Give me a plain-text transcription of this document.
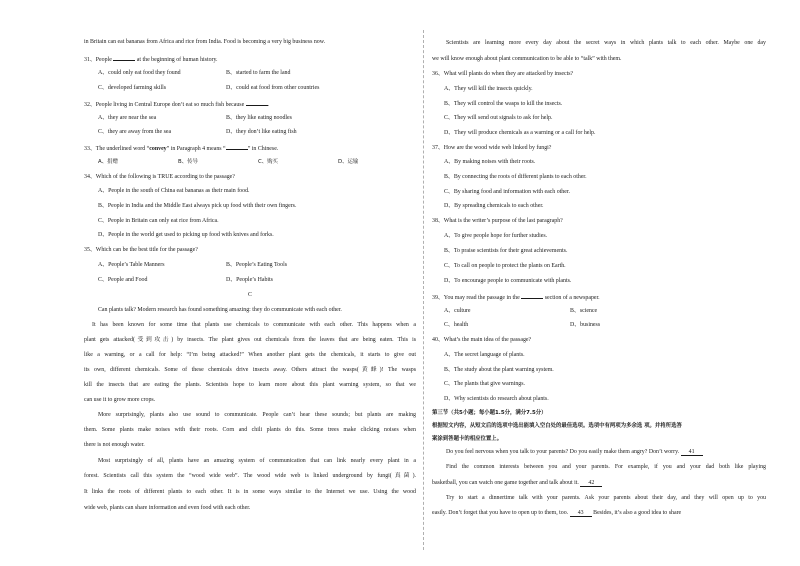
in Britain can eat bananas from Africa and rice from India. Food is becoming a very big business now.
31、People	at the beginning of human history.
A、could only eat food they found	B、started to farm the land
C、developed farming skills	D、could eat food from other countries
32、People living in Central Europe don’t eat so much fish because	.
A、they are near the sea	B、they like eating noodles
C、they are away from the sea	D、they don’t like eating fish
33、The underlined word “convey” in Paragraph 4 means “	” in Chinese.
A、捐赠	B、传导	C、购买	D、运输
34、Which of the following is TRUE according to the passage?
A、People in the south of China eat bananas as their main food.
B、People in India and the Middle East always pick up food with their own fingers.
C、People in Britain can only eat rice from Africa.
D、People in the world get used to picking up food with knives and forks.
35、Which can be the best title for the passage?
A、People’s Table Manners	B、People’s Eating Tools
C、People and Food	D、People’s Habits
C
Can plants talk? Modern research has found something amazing: they do communicate with each other.
It has been known for some time that plants use chemicals to communicate with each other. This happens when a
plant gets attacked(受到攻击) by insects. The plant gives out chemicals from the leaves that are being eaten. This is
like a warning, or a call for help: “I’m being attacked!” When another plant gets the chemicals, it starts to give out
its own, different chemicals. Some of these chemicals drive insects away. Others attract the wasps(黄蜂)! The wasps
kill the insects that are eating the plants. Scientists hope to learn more about this plant warning system, so that we
can use it to grow more crops.
More surprisingly, plants also use sound to communicate. People can’t hear these sounds; but plants are making
them. Some plants make noises with their roots. Corn and chili plants do this. Some trees make clicking noises when
there is not enough water.
Most surprisingly of all, plants have an amazing system of communication that can link nearly every plant in a
forest. Scientists call this system the “wood wide web”. The wood wide web is linked underground by fungi(真菌).
It links the roots of different plants to each other. It is in some ways similar to the Internet we use. Using the wood
wide web, plants can share information and even food with each other.
Scientists are learning more every day about the secret ways in which plants talk to each other. Maybe one day
we will know enough about plant communication to be able to “talk” with them.
36、What will plants do when they are attacked by insects?
A、They will kill the insects quickly.
B、They will control the wasps to kill the insects.
C、They will send out signals to ask for help.
D、They will produce chemicals as a warning or a call for help.
37、How are the wood wide web linked by fungi?
A、By making noises with their roots.
B、By connecting the roots of different plants to each other.
C、By sharing food and information with each other.
D、By spreading chemicals to each other.
38、What is the writer’s purpose of the last paragraph?
A、To give people hope for further studies.
B、To praise scientists for their great achievements.
C、To call on people to protect the plants on Earth.
D、To encourage people to communicate with plants.
39、You may read the passage in the	section of a newspaper.
A、culture	B、science
C、health	D、business
40、What’s the main idea of the passage?
A、The secret language of plants.
B、The study about the plant warning system.
C、The plants that give warnings.
D、Why scientists do research about plants.
第三节（共5小题；每小题1.5分，满分7.5分）
根据短文内容，从短文后的选项中选出能填入空白处的最佳选项。选项中有两项为多余选 项。并将所选答
案涂到答题卡的相应位置上。
Do you feel nervous when you talk to your parents? Do you easily make them angry? Don’t worry. 41
Find the common interests between you and your parents. For example, if you and your dad both like playing
basketball, you can watch one game together and talk about it. 42
Try to start a dinnertime talk with your parents. Ask your parents about their day, and they will open up to you
easily. Don’t forget that you have to open up to them, too. 43 Besides, it’s also a good idea to share
